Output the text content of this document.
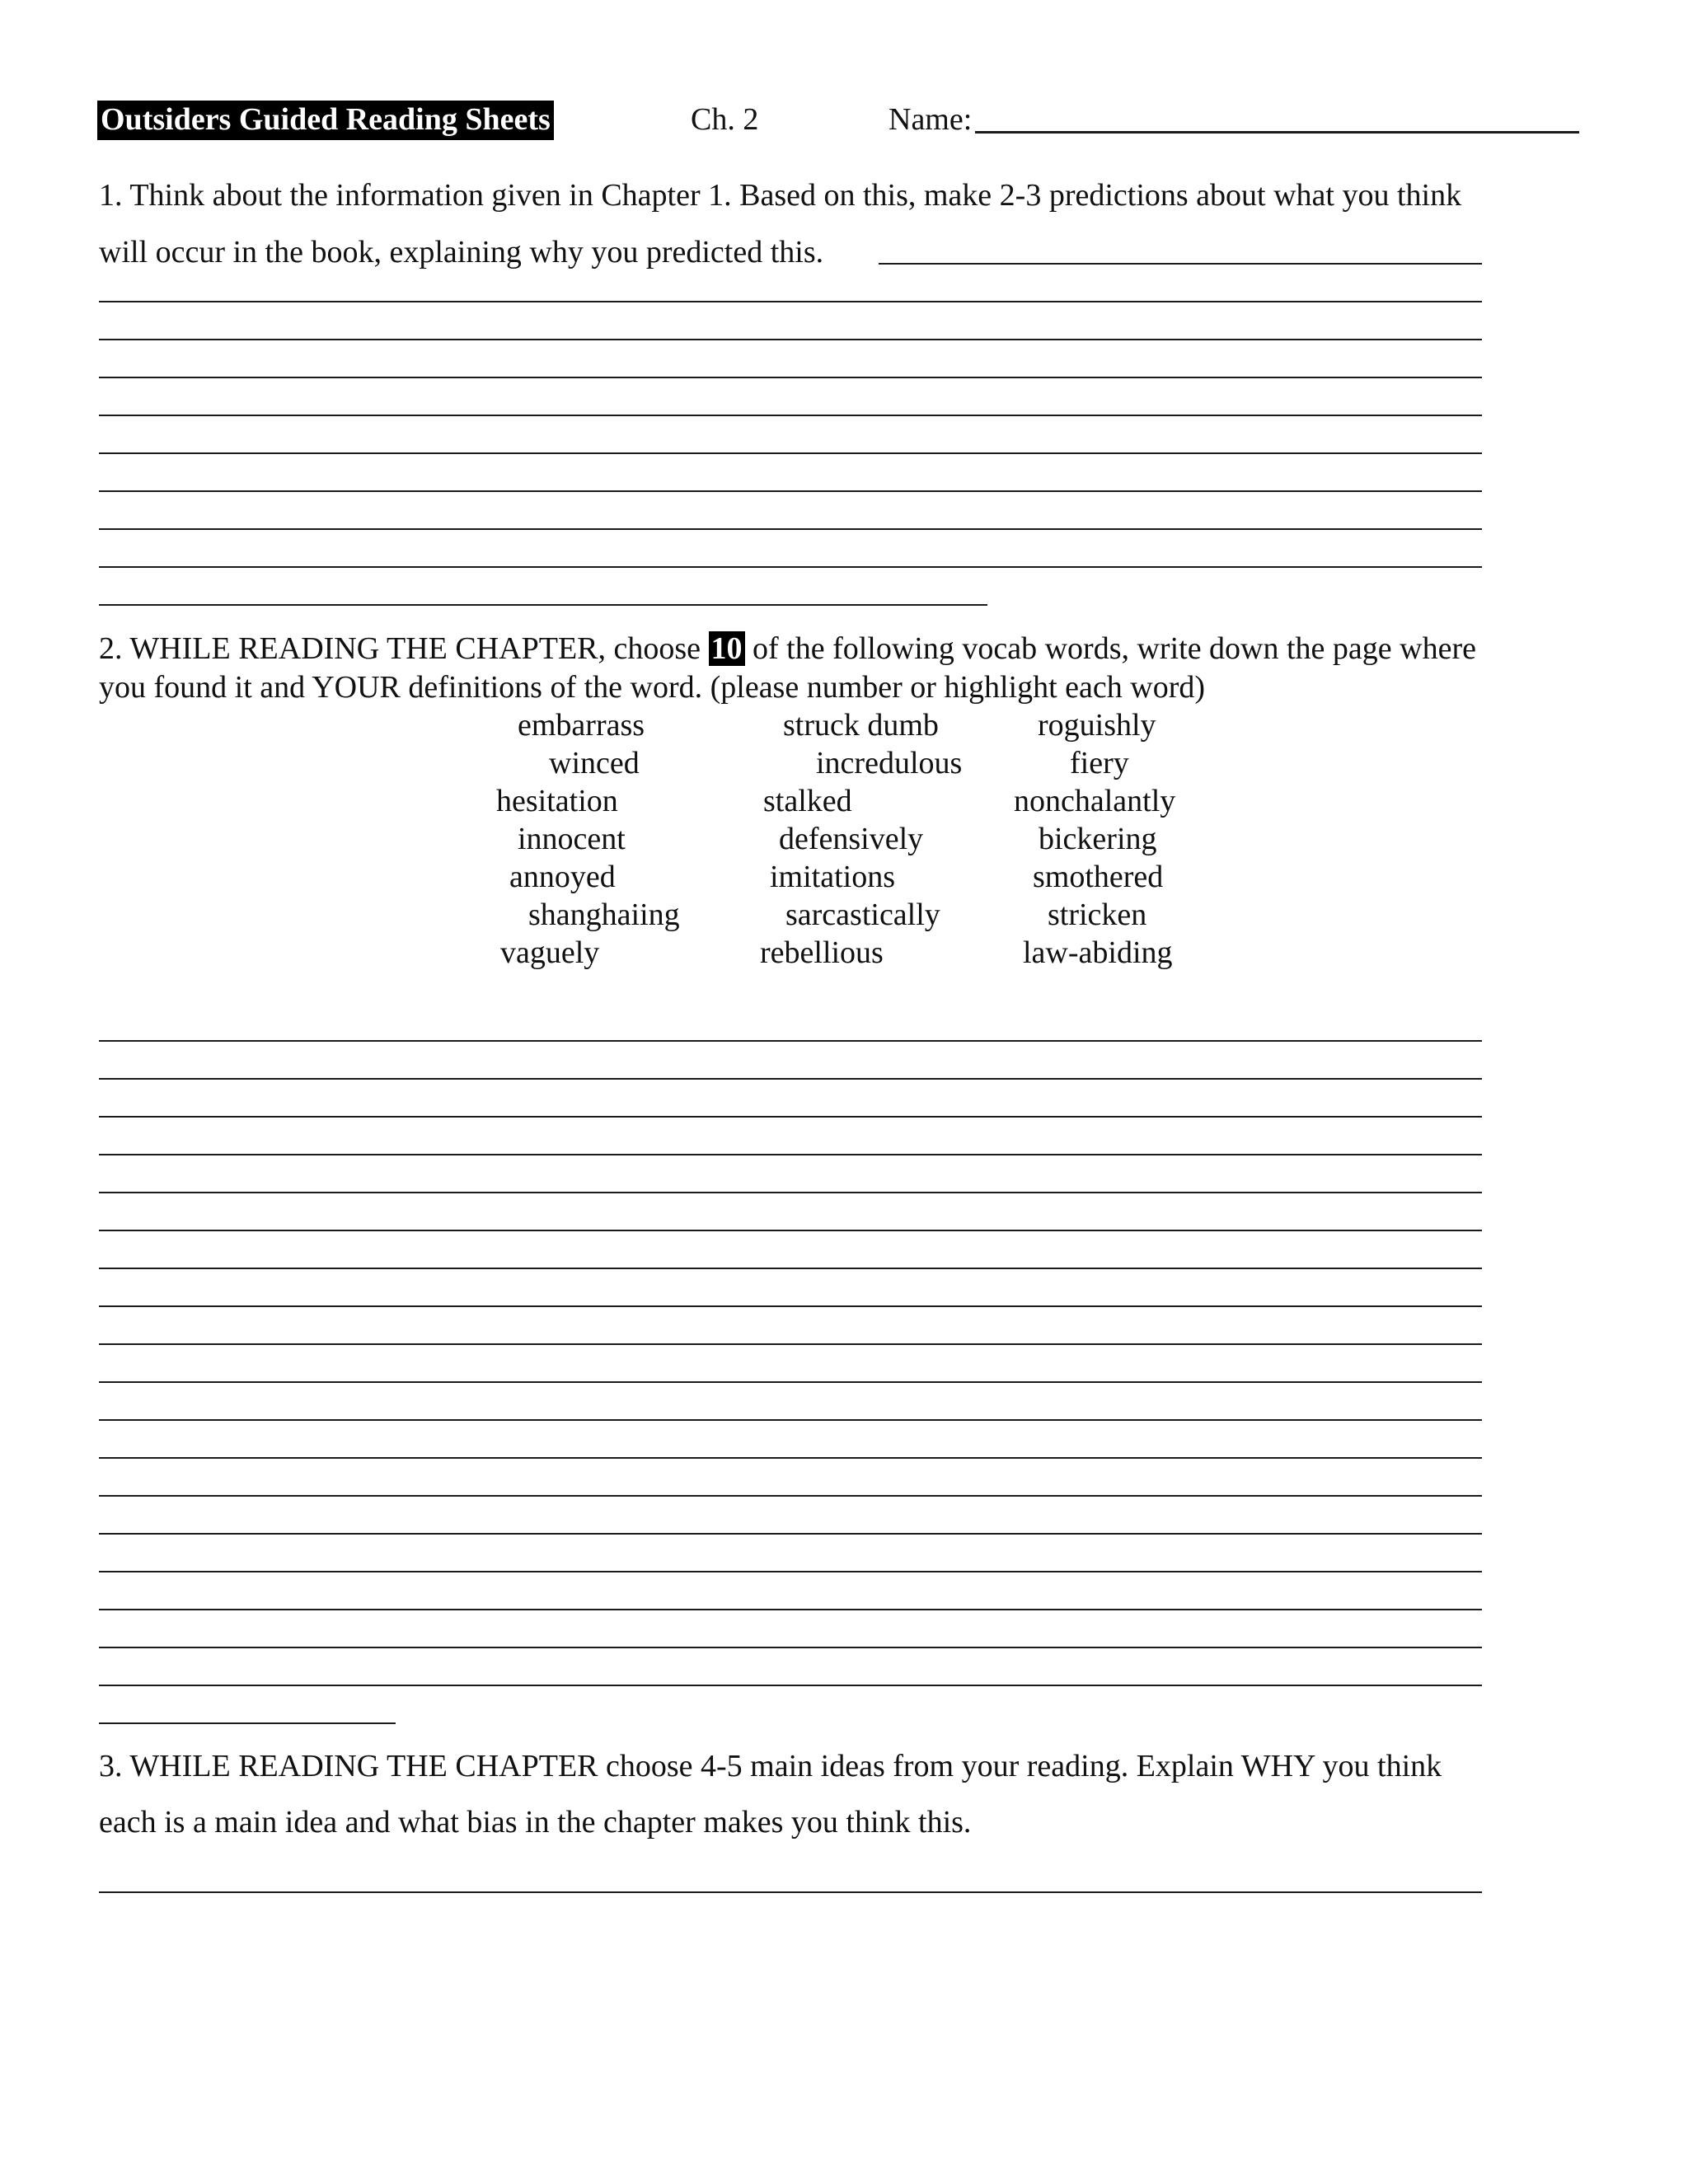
Outsiders Guided Reading Sheets	Ch. 2	Name:
1. Think about the information given in Chapter 1. Based on this, make 2-3 predictions about what you think
will occur in the book, explaining why you predicted this.
2. WHILE READING THE CHAPTER, choose 10 of the following vocab words, write down the page where
you found it and YOUR definitions of the word. (please number or highlight each word)
embarrass
winced
hesitation
innocent
annoyed
shanghaiing
vaguely
struck dumb
incredulous
stalked
defensively
imitations
sarcastically
rebellious
roguishly
fiery
nonchalantly
bickering
smothered
stricken
law-abiding
3. WHILE READING THE CHAPTER choose 4-5 main ideas from your reading. Explain WHY you think
each is a main idea and what bias in the chapter makes you think this.
